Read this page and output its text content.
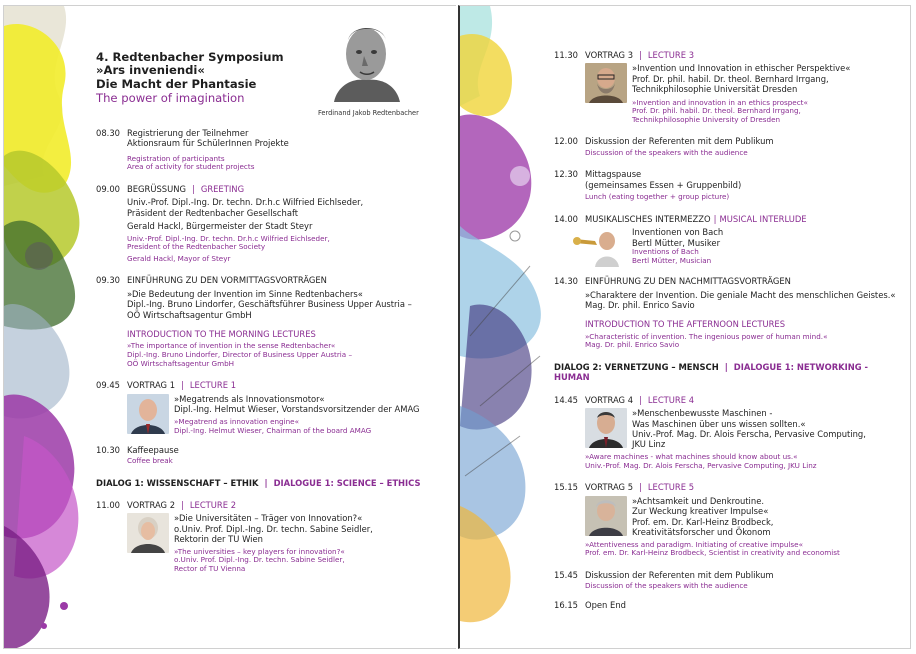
4. Redtenbacher Symposium
»Ars inveniendi«
Die Macht der Phantasie
The power of imagination
Ferdinand Jakob Redtenbacher
08.30 Registrierung der Teilnehmer
Aktionsraum für SchülerInnen Projekte
Registration of participants
Area of activity for student projects
09.00 BEGRÜSSUNG | GREETING
Univ.-Prof. Dipl.-Ing. Dr. techn. Dr.h.c Wilfried Eichlseder,
Präsident der Redtenbacher Gesellschaft
Gerald Hackl, Bürgermeister der Stadt Steyr
Univ.-Prof. Dipl.-Ing. Dr. techn. Dr.h.c Wilfried Eichlseder,
President of the Redtenbacher Society
Gerald Hackl, Mayor of Steyr
09.30 EINFÜHRUNG ZU DEN VORMITTAGSVORTRÄGEN
»Die Bedeutung der Invention im Sinne Redtenbachers«
Dipl.-Ing. Bruno Lindorfer, Geschäftsführer Business Upper Austria –
OÖ Wirtschaftsagentur GmbH
INTRODUCTION TO THE MORNING LECTURES
»The importance of invention in the sense Redtenbacher«
Dipl.-Ing. Bruno Lindorfer, Director of Business Upper Austria –
OÖ Wirtschaftsagentur GmbH
09.45 VORTRAG 1 | LECTURE 1
»Megatrends als Innovationsmotor«
Dipl.-Ing. Helmut Wieser, Vorstandsvorsitzender der AMAG
»Megatrend as innovation engine«
Dipl.-Ing. Helmut Wieser, Chairman of the board AMAG
10.30 Kaffeepause
Coffee break
DIALOG 1: WISSENSCHAFT – ETHIK | DIALOGUE 1: SCIENCE – ETHICS
11.00 VORTRAG 2 | LECTURE 2
»Die Universitäten – Träger von Innovation?«
o.Univ. Prof. Dipl.-Ing. Dr. techn. Sabine Seidler,
Rektorin der TU Wien
»The universities – key players for innovation?«
o.Univ. Prof. Dipl.-Ing. Dr. techn. Sabine Seidler,
Rector of TU Vienna
11.30 VORTRAG 3 | LECTURE 3
»Invention und Innovation in ethischer Perspektive«
Prof. Dr. phil. habil. Dr. theol. Bernhard Irrgang,
Technikphilosophie Universität Dresden
»Invention and innovation in an ethics prospect«
Prof. Dr. phil. habil. Dr. theol. Bernhard Irrgang,
Technikphilosophie University of Dresden
12.00 Diskussion der Referenten mit dem Publikum
Discussion of the speakers with the audience
12.30 Mittagspause
(gemeinsames Essen + Gruppenbild)
Lunch (eating together + group picture)
14.00 MUSIKALISCHES INTERMEZZO | MUSICAL INTERLUDE
Inventionen von Bach
Bertl Mütter, Musiker
Inventions of Bach
Bertl Mütter, Musician
14.30 EINFÜHRUNG ZU DEN NACHMITTAGSVORTRÄGEN
»Charaktere der Invention. Die geniale Macht des menschlichen Geistes.«
Mag. Dr. phil. Enrico Savio
INTRODUCTION TO THE AFTERNOON LECTURES
»Characteristic of invention. The ingenious power of human mind.«
Mag. Dr. phil. Enrico Savio
DIALOG 2: VERNETZUNG – MENSCH | DIALOGUE 1: NETWORKING - HUMAN
14.45 VORTRAG 4 | LECTURE 4
»Menschenbewusste Maschinen -
Was Maschinen über uns wissen sollten.«
Univ.-Prof. Mag. Dr. Alois Ferscha, Pervasive Computing,
JKU Linz
»Aware machines - what machines should know about us.«
Univ.-Prof. Mag. Dr. Alois Ferscha, Pervasive Computing, JKU Linz
15.15 VORTRAG 5 | LECTURE 5
»Achtsamkeit und Denkroutine.
Zur Weckung kreativer Impulse«
Prof. em. Dr. Karl-Heinz Brodbeck,
Kreativitätsforscher und Ökonom
»Attentiveness and paradigm. Initiating of creative impulse«
Prof. em. Dr. Karl-Heinz Brodbeck, Scientist in creativity and economist
15.45 Diskussion der Referenten mit dem Publikum
Discussion of the speakers with the audience
16.15 Open End
